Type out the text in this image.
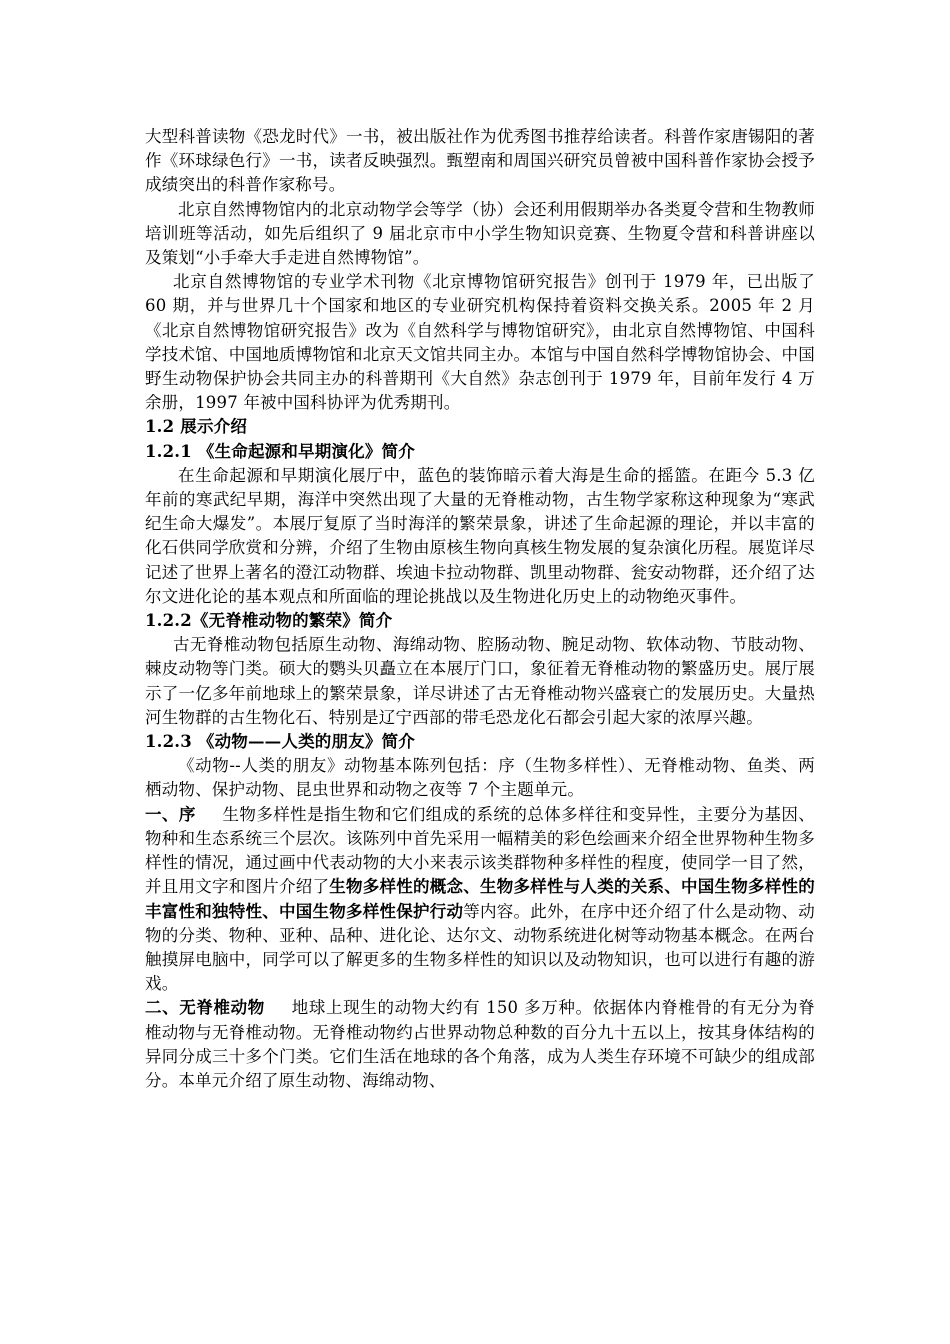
大型科普读物《恐龙时代》一书，被出版社作为优秀图书推荐给读者。科普作家唐锡阳的著作《环球绿色行》一书，读者反映强烈。甄塑南和周国兴研究员曾被中国科普作家协会授予成绩突出的科普作家称号。

北京自然博物馆内的北京动物学会等学（协）会还利用假期举办各类夏令营和生物教师培训班等活动，如先后组织了 9 届北京市中小学生物知识竞赛、生物夏令营和科普讲座以及策划“小手牵大手走进自然博物馆”。

北京自然博物馆的专业学术刊物《北京博物馆研究报告》创刊于 1979 年，已出版了 60 期，并与世界几十个国家和地区的专业研究机构保持着资料交换关系。2005 年 2 月《北京自然博物馆研究报告》改为《自然科学与博物馆研究》，由北京自然博物馆、中国科学技术馆、中国地质博物馆和北京天文馆共同主办。本馆与中国自然科学博物馆协会、中国野生动物保护协会共同主办的科普期刊《大自然》杂志创刊于 1979 年，目前年发行 4 万余册，1997 年被中国科协评为优秀期刊。

1.2 展示介绍

1.2.1 《生命起源和早期演化》简介

在生命起源和早期演化展厅中，蓝色的装饰暗示着大海是生命的摇篮。在距今 5.3 亿年前的寒武纪早期，海洋中突然出现了大量的无脊椎动物，古生物学家称这种现象为“寒武纪生命大爆发”。本展厅复原了当时海洋的繁荣景象，讲述了生命起源的理论，并以丰富的化石供同学欣赏和分辨，介绍了生物由原核生物向真核生物发展的复杂演化历程。展览详尽记述了世界上著名的澄江动物群、埃迪卡拉动物群、凯里动物群、瓮安动物群，还介绍了达尔文进化论的基本观点和所面临的理论挑战以及生物进化历史上的动物绝灭事件。

1.2.2《无脊椎动物的繁荣》简介

古无脊椎动物包括原生动物、海绵动物、腔肠动物、腕足动物、软体动物、节肢动物、棘皮动物等门类。硕大的鹦头贝矗立在本展厅门口，象征着无脊椎动物的繁盛历史。展厅展示了一亿多年前地球上的繁荣景象，详尽讲述了古无脊椎动物兴盛衰亡的发展历史。大量热河生物群的古生物化石、特别是辽宁西部的带毛恐龙化石都会引起大家的浓厚兴趣。

1.2.3 《动物——人类的朋友》简介

《动物--人类的朋友》动物基本陈列包括：序（生物多样性）、无脊椎动物、鱼类、两栖动物、保护动物、昆虫世界和动物之夜等 7 个主题单元。

一、序 生物多样性是指生物和它们组成的系统的总体多样往和变异性，主要分为基因、物种和生态系统三个层次。该陈列中首先采用一幅精美的彩色绘画来介绍全世界物种生物多样性的情况，通过画中代表动物的大小来表示该类群物种多样性的程度，使同学一目了然，并且用文字和图片介绍了生物多样性的概念、生物多样性与人类的关系、中国生物多样性的丰富性和独特性、中国生物多样性保护行动等内容。此外，在序中还介绍了什么是动物、动物的分类、物种、亚种、品种、进化论、达尔文、动物系统进化树等动物基本概念。在两台触摸屏电脑中，同学可以了解更多的生物多样性的知识以及动物知识，也可以进行有趣的游戏。

二、无脊椎动物 地球上现生的动物大约有 150 多万种。依据体内脊椎骨的有无分为脊椎动物与无脊椎动物。无脊椎动物约占世界动物总种数的百分九十五以上，按其身体结构的异同分成三十多个门类。它们生活在地球的各个角落，成为人类生存环境不可缺少的组成部分。本单元介绍了原生动物、海绵动物、
